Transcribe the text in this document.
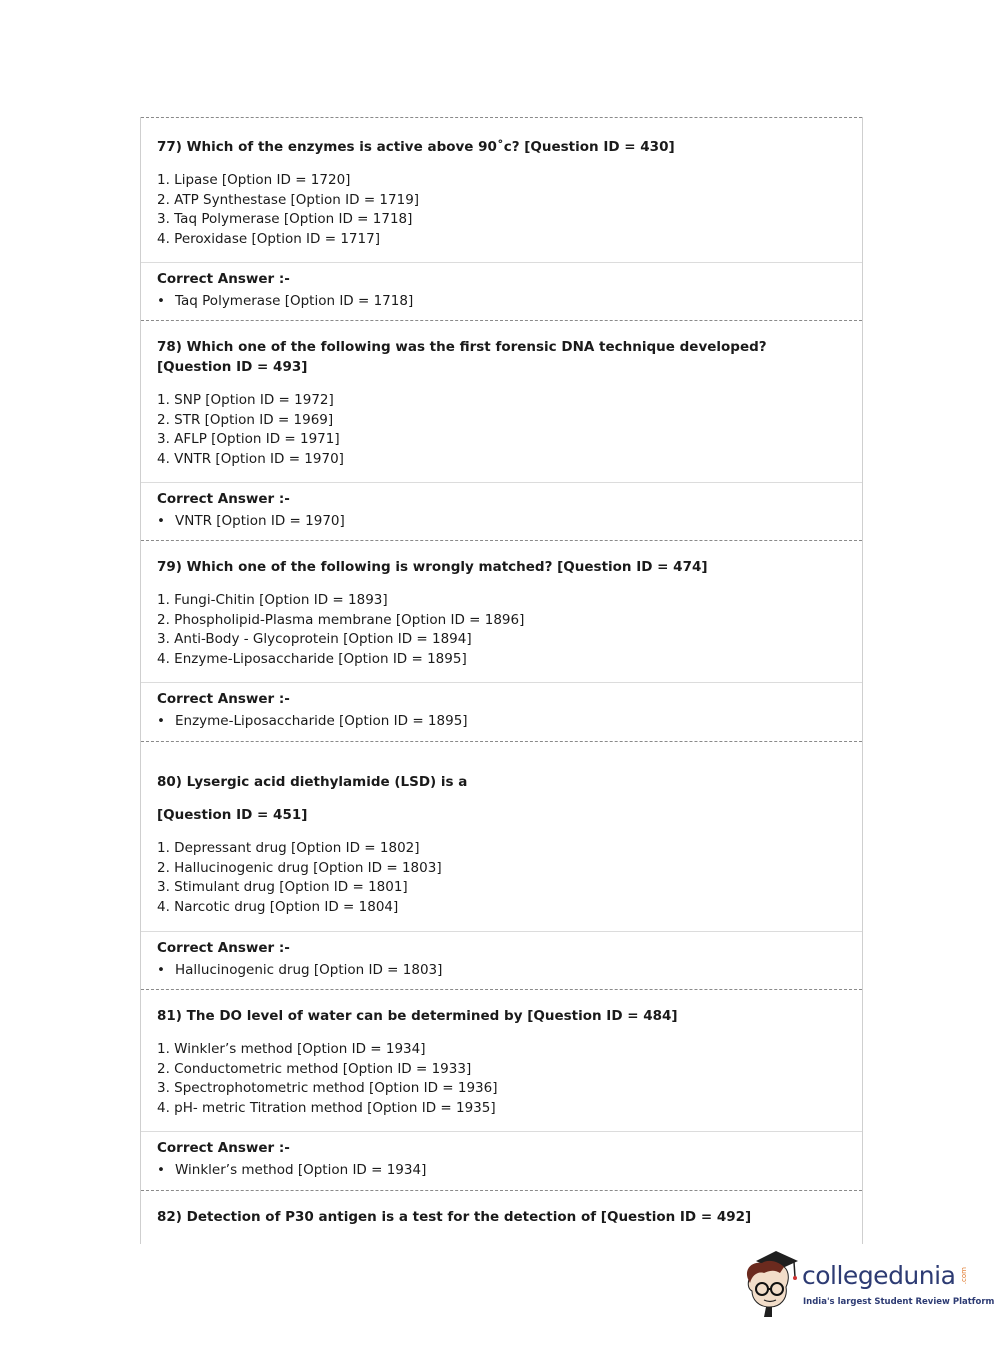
77) Which of the enzymes is active above 90˚c? [Question ID = 430]
1. Lipase [Option ID = 1720]
2. ATP Synthestase [Option ID = 1719]
3. Taq Polymerase [Option ID = 1718]
4. Peroxidase [Option ID = 1717]
Correct Answer :-
• Taq Polymerase [Option ID = 1718]
78) Which one of the following was the first forensic DNA technique developed? [Question ID = 493]
1. SNP [Option ID = 1972]
2. STR [Option ID = 1969]
3. AFLP [Option ID = 1971]
4. VNTR [Option ID = 1970]
Correct Answer :-
• VNTR [Option ID = 1970]
79) Which one of the following is wrongly matched? [Question ID = 474]
1. Fungi-Chitin [Option ID = 1893]
2. Phospholipid-Plasma membrane [Option ID = 1896]
3. Anti-Body - Glycoprotein [Option ID = 1894]
4. Enzyme-Liposaccharide [Option ID = 1895]
Correct Answer :-
• Enzyme-Liposaccharide [Option ID = 1895]
80) Lysergic acid diethylamide (LSD) is a
[Question ID = 451]
1. Depressant drug [Option ID = 1802]
2. Hallucinogenic drug [Option ID = 1803]
3. Stimulant drug [Option ID = 1801]
4. Narcotic drug [Option ID = 1804]
Correct Answer :-
• Hallucinogenic drug [Option ID = 1803]
81) The DO level of water can be determined by [Question ID = 484]
1. Winkler’s method [Option ID = 1934]
2. Conductometric method [Option ID = 1933]
3. Spectrophotometric method [Option ID = 1936]
4. pH- metric Titration method [Option ID = 1935]
Correct Answer :-
• Winkler’s method [Option ID = 1934]
82) Detection of P30 antigen is a test for the detection of [Question ID = 492]
collegedunia .com
India's largest Student Review Platform
